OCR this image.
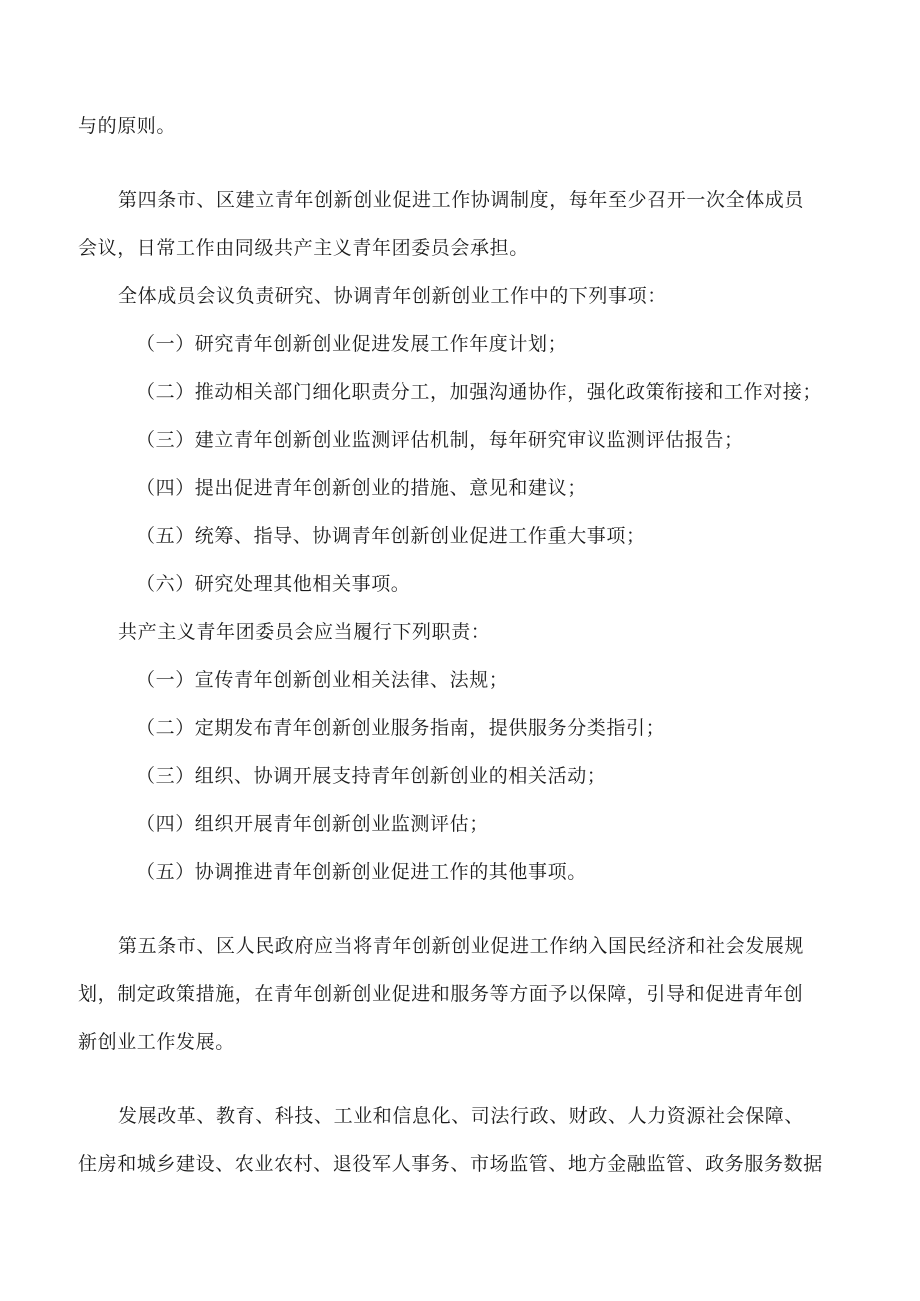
与的原则。
第四条市、区建立青年创新创业促进工作协调制度，每年至少召开一次全体成员
会议，日常工作由同级共产主义青年团委员会承担。
全体成员会议负责研究、协调青年创新创业工作中的下列事项：
（一）研究青年创新创业促进发展工作年度计划；
（二）推动相关部门细化职责分工，加强沟通协作，强化政策衔接和工作对接；
（三）建立青年创新创业监测评估机制，每年研究审议监测评估报告；
（四）提出促进青年创新创业的措施、意见和建议；
（五）统筹、指导、协调青年创新创业促进工作重大事项；
（六）研究处理其他相关事项。
共产主义青年团委员会应当履行下列职责：
（一）宣传青年创新创业相关法律、法规；
（二）定期发布青年创新创业服务指南，提供服务分类指引；
（三）组织、协调开展支持青年创新创业的相关活动；
（四）组织开展青年创新创业监测评估；
（五）协调推进青年创新创业促进工作的其他事项。
第五条市、区人民政府应当将青年创新创业促进工作纳入国民经济和社会发展规
划，制定政策措施，在青年创新创业促进和服务等方面予以保障，引导和促进青年创
新创业工作发展。
发展改革、教育、科技、工业和信息化、司法行政、财政、人力资源社会保障、
住房和城乡建设、农业农村、退役军人事务、市场监管、地方金融监管、政务服务数据
